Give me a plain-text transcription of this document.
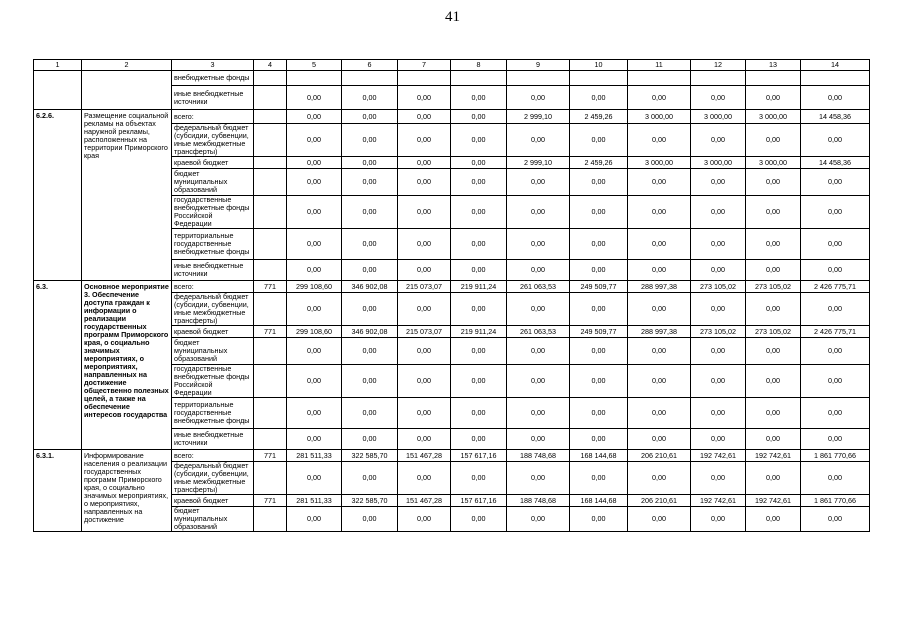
41
1	2	3	4	5	6	7	8	9	10	11	12	13	14
		внебюджетные фонды											
		иные внебюджетные источники		0,00	0,00	0,00	0,00	0,00	0,00	0,00	0,00	0,00	0,00
6.2.6.	Размещение социальной рекламы на объектах наружной рекламы, расположенных на территории Приморского края	всего:		0,00	0,00	0,00	0,00	2 999,10	2 459,26	3 000,00	3 000,00	3 000,00	14 458,36
		федеральный бюджет (субсидии, субвенции, иные межбюджетные трансферты)		0,00	0,00	0,00	0,00	0,00	0,00	0,00	0,00	0,00	0,00
		краевой бюджет		0,00	0,00	0,00	0,00	2 999,10	2 459,26	3 000,00	3 000,00	3 000,00	14 458,36
		бюджет муниципальных образований		0,00	0,00	0,00	0,00	0,00	0,00	0,00	0,00	0,00	0,00
		государственные внебюджетные фонды Российской Федерации		0,00	0,00	0,00	0,00	0,00	0,00	0,00	0,00	0,00	0,00
		территориальные государственные внебюджетные фонды		0,00	0,00	0,00	0,00	0,00	0,00	0,00	0,00	0,00	0,00
		иные внебюджетные источники		0,00	0,00	0,00	0,00	0,00	0,00	0,00	0,00	0,00	0,00
6.3.	Основное мероприятие 3. Обеспечение доступа граждан к информации о реализации государственных программ Приморского края, о социально значимых мероприятиях, о мероприятиях, направленных на достижение общественно полезных целей, а также на обеспечение интересов государства	всего:	771	299 108,60	346 902,08	215 073,07	219 911,24	261 063,53	249 509,77	288 997,38	273 105,02	273 105,02	2 426 775,71
		федеральный бюджет (субсидии, субвенции, иные межбюджетные трансферты)		0,00	0,00	0,00	0,00	0,00	0,00	0,00	0,00	0,00	0,00
		краевой бюджет	771	299 108,60	346 902,08	215 073,07	219 911,24	261 063,53	249 509,77	288 997,38	273 105,02	273 105,02	2 426 775,71
		бюджет муниципальных образований		0,00	0,00	0,00	0,00	0,00	0,00	0,00	0,00	0,00	0,00
		государственные внебюджетные фонды Российской Федерации		0,00	0,00	0,00	0,00	0,00	0,00	0,00	0,00	0,00	0,00
		территориальные государственные внебюджетные фонды		0,00	0,00	0,00	0,00	0,00	0,00	0,00	0,00	0,00	0,00
		иные внебюджетные источники		0,00	0,00	0,00	0,00	0,00	0,00	0,00	0,00	0,00	0,00
6.3.1.	Информирование населения о реализации государственных программ Приморского края, о социально значимых мероприятиях, о мероприятиях, направленных на достижение	всего:	771	281 511,33	322 585,70	151 467,28	157 617,16	188 748,68	168 144,68	206 210,61	192 742,61	192 742,61	1 861 770,66
		федеральный бюджет (субсидии, субвенции, иные межбюджетные трансферты)		0,00	0,00	0,00	0,00	0,00	0,00	0,00	0,00	0,00	0,00
		краевой бюджет	771	281 511,33	322 585,70	151 467,28	157 617,16	188 748,68	168 144,68	206 210,61	192 742,61	192 742,61	1 861 770,66
		бюджет муниципальных образований		0,00	0,00	0,00	0,00	0,00	0,00	0,00	0,00	0,00	0,00
